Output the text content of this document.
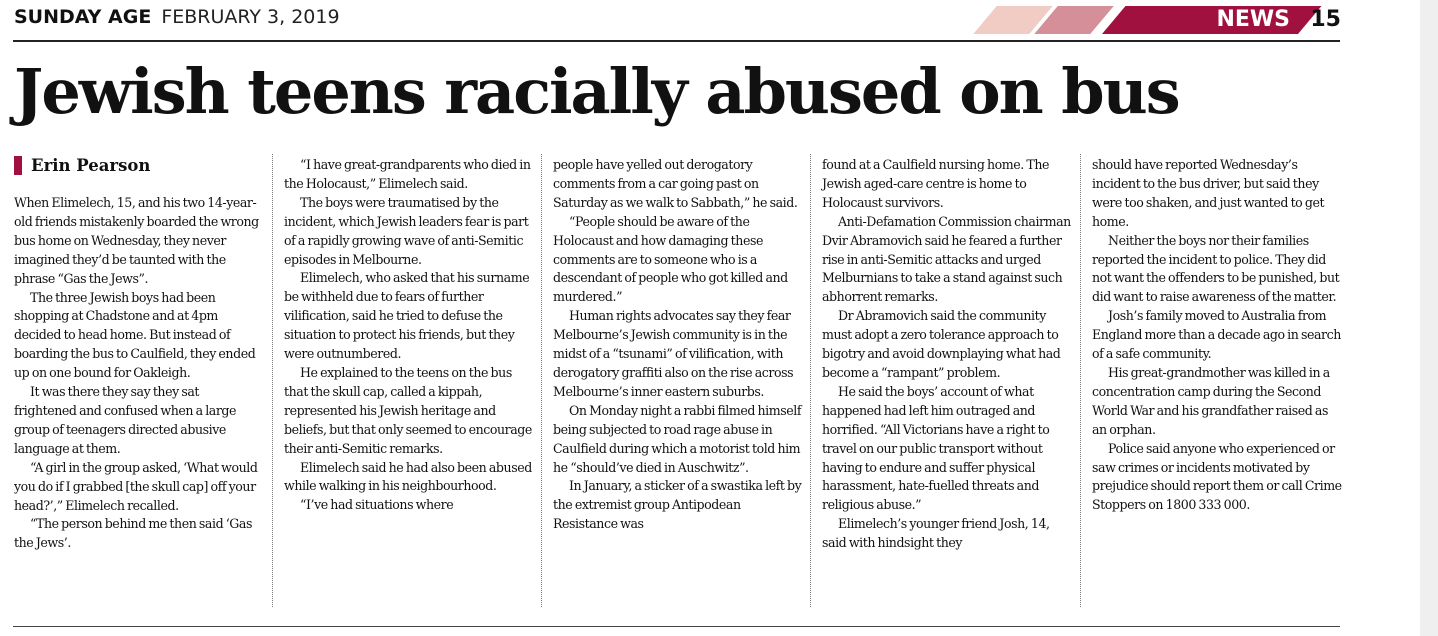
SUNDAY AGE FEBRUARY 3, 2019	NEWS 15
Jewish teens racially abused on bus
Erin Pearson

When Elimelech, 15, and his two 14-year-old friends mistakenly boarded the wrong bus home on Wednesday, they never imagined they’d be taunted with the phrase “Gas the Jews”.

The three Jewish boys had been shopping at Chadstone and at 4pm decided to head home. But instead of boarding the bus to Caulfield, they ended up on one bound for Oakleigh.

It was there they say they sat frightened and confused when a large group of teenagers directed abusive language at them.

“A girl in the group asked, ‘What would you do if I grabbed [the skull cap] off your head?’,” Elimelech recalled.

“The person behind me then said ‘Gas the Jews’.

“I have great-grandparents who died in the Holocaust,” Elimelech said.

The boys were traumatised by the incident, which Jewish leaders fear is part of a rapidly growing wave of anti-Semitic episodes in Melbourne.

Elimelech, who asked that his surname be withheld due to fears of further vilification, said he tried to defuse the situation to protect his friends, but they were outnumbered.

He explained to the teens on the bus that the skull cap, called a kippah, represented his Jewish heritage and beliefs, but that only seemed to encourage their anti-Semitic remarks.

Elimelech said he had also been abused while walking in his neighbourhood.

“I’ve had situations where

people have yelled out derogatory comments from a car going past on Saturday as we walk to Sabbath,” he said.

“People should be aware of the Holocaust and how damaging these comments are to someone who is a descendant of people who got killed and murdered.”

Human rights advocates say they fear Melbourne’s Jewish community is in the midst of a “tsunami” of vilification, with derogatory graffiti also on the rise across Melbourne’s inner eastern suburbs.

On Monday night a rabbi filmed himself being subjected to road rage abuse in Caulfield during which a motorist told him he “should’ve died in Auschwitz”.

In January, a sticker of a swastika left by the extremist group Antipodean Resistance was

found at a Caulfield nursing home. The Jewish aged-care centre is home to Holocaust survivors.

Anti-Defamation Commission chairman Dvir Abramovich said he feared a further rise in anti-Semitic attacks and urged Melburnians to take a stand against such abhorrent remarks.

Dr Abramovich said the community must adopt a zero tolerance approach to bigotry and avoid downplaying what had become a “rampant” problem.

He said the boys’ account of what happened had left him outraged and horrified. “All Victorians have a right to travel on our public transport without having to endure and suffer physical harassment, hate-fuelled threats and religious abuse.”

Elimelech’s younger friend Josh, 14, said with hindsight they

should have reported Wednesday’s incident to the bus driver, but said they were too shaken, and just wanted to get home.

Neither the boys nor their families reported the incident to police. They did not want the offenders to be punished, but did want to raise awareness of the matter.

Josh’s family moved to Australia from England more than a decade ago in search of a safe community.

His great-grandmother was killed in a concentration camp during the Second World War and his grandfather raised as an orphan.

Police said anyone who experienced or saw crimes or incidents motivated by prejudice should report them or call Crime Stoppers on 1800 333 000.
